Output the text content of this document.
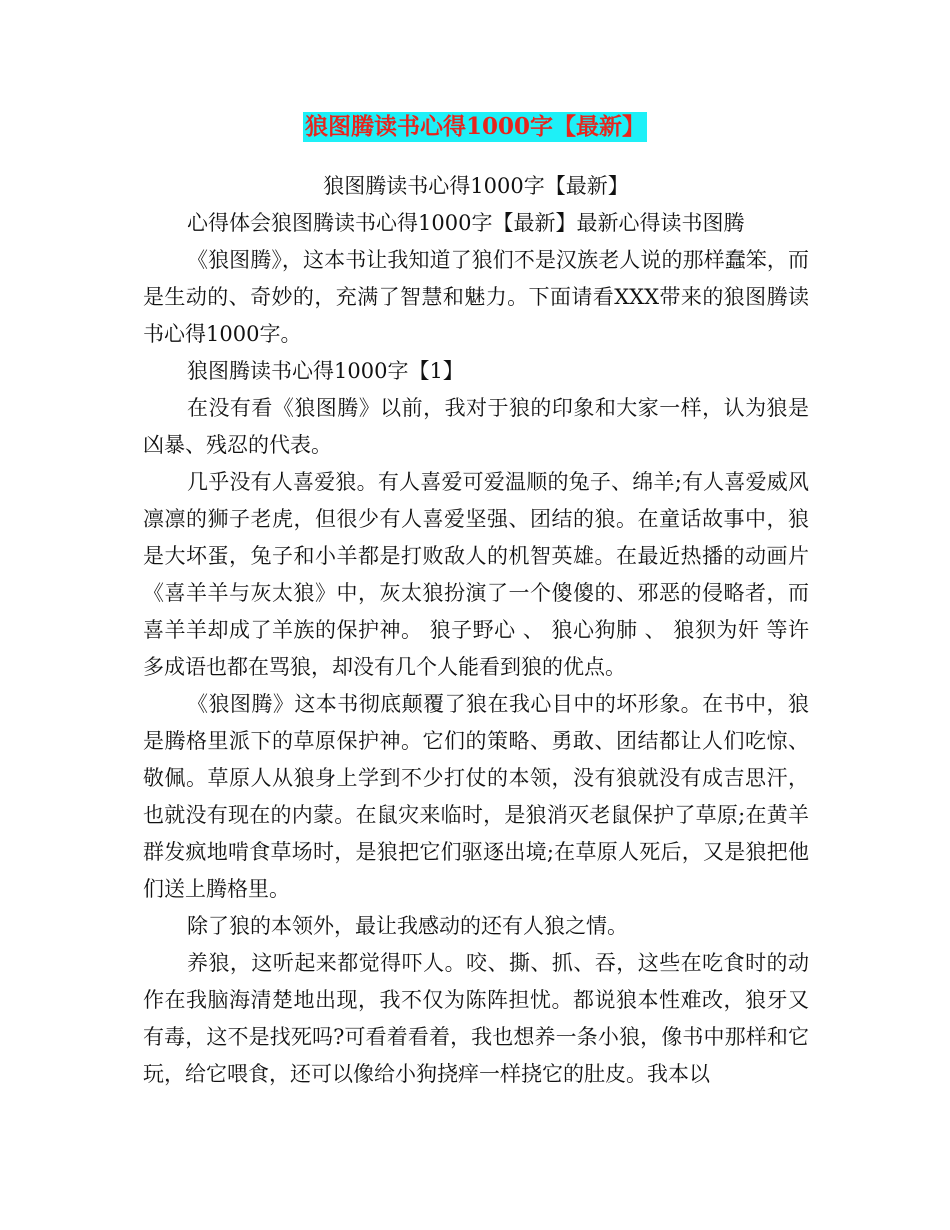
狼图腾读书心得1000字【最新】

狼图腾读书心得1000字【最新】

心得体会狼图腾读书心得1000字【最新】最新心得读书图腾

《狼图腾》，这本书让我知道了狼们不是汉族老人说的那样蠢笨，而是生动的、奇妙的，充满了智慧和魅力。下面请看XXX带来的狼图腾读书心得1000字。

狼图腾读书心得1000字【1】

在没有看《狼图腾》以前，我对于狼的印象和大家一样，认为狼是凶暴、残忍的代表。

几乎没有人喜爱狼。有人喜爱可爱温顺的兔子、绵羊;有人喜爱威风凛凛的狮子老虎，但很少有人喜爱坚强、团结的狼。在童话故事中，狼是大坏蛋，兔子和小羊都是打败敌人的机智英雄。在最近热播的动画片《喜羊羊与灰太狼》中，灰太狼扮演了一个傻傻的、邪恶的侵略者，而喜羊羊却成了羊族的保护神。 狼子野心 、 狼心狗肺 、 狼狈为奸 等许多成语也都在骂狼，却没有几个人能看到狼的优点。

《狼图腾》这本书彻底颠覆了狼在我心目中的坏形象。在书中，狼是腾格里派下的草原保护神。它们的策略、勇敢、团结都让人们吃惊、敬佩。草原人从狼身上学到不少打仗的本领，没有狼就没有成吉思汗，也就没有现在的内蒙。在鼠灾来临时，是狼消灭老鼠保护了草原;在黄羊群发疯地啃食草场时，是狼把它们驱逐出境;在草原人死后，又是狼把他们送上腾格里。

除了狼的本领外，最让我感动的还有人狼之情。

养狼，这听起来都觉得吓人。咬、撕、抓、吞，这些在吃食时的动作在我脑海清楚地出现，我不仅为陈阵担忧。都说狼本性难改，狼牙又有毒，这不是找死吗?可看着看着，我也想养一条小狼，像书中那样和它玩，给它喂食，还可以像给小狗挠痒一样挠它的肚皮。我本以
